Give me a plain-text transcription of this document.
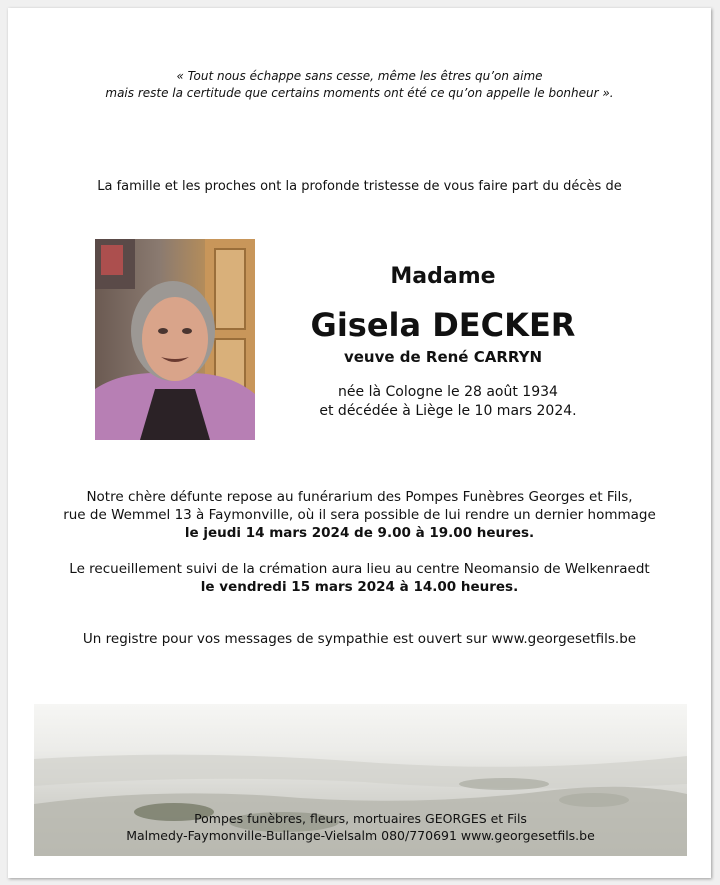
« Tout nous échappe sans cesse, même les êtres qu’on aime
mais reste la certitude que certains moments ont été ce qu’on appelle le bonheur ».
La famille et les proches ont la profonde tristesse de vous faire part du décès de
Madame
Gisela DECKER
veuve de René CARRYN
née là Cologne le 28 août 1934
et décédée à Liège le 10 mars 2024.
Notre chère défunte repose au funérarium des Pompes Funèbres Georges et Fils,
rue de Wemmel 13 à Faymonville, où il sera possible de lui rendre un dernier hommage
le jeudi 14 mars 2024 de 9.00 à 19.00 heures.
Le recueillement suivi de la crémation aura lieu au centre Neomansio de Welkenraedt
le vendredi 15 mars 2024 à 14.00 heures.
Un registre pour vos messages de sympathie est ouvert sur www.georgesetfils.be
Pompes funèbres, fleurs, mortuaires GEORGES et Fils
Malmedy-Faymonville-Bullange-Vielsalm 080/770691 www.georgesetfils.be
